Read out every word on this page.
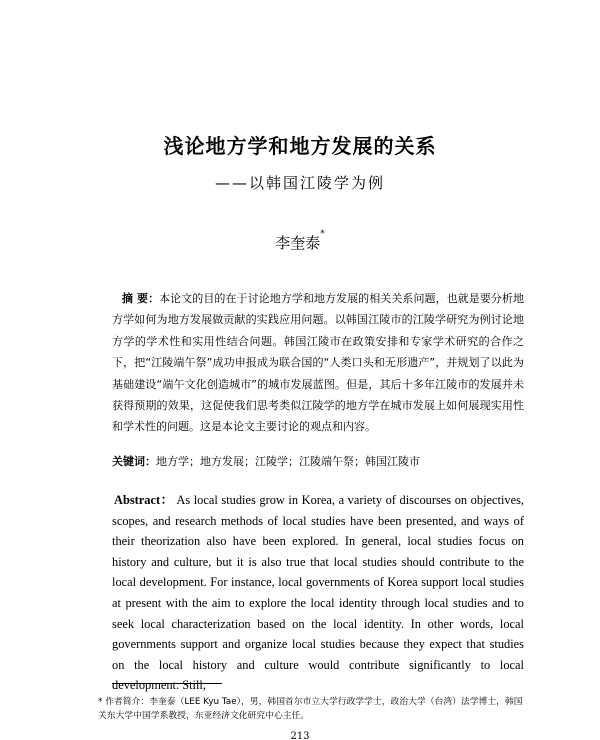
浅论地方学和地方发展的关系
——以韩国江陵学为例
李奎泰*

摘 要：本论文的目的在于讨论地方学和地方发展的相关关系问题，也就是要分析地方学如何为地方发展做贡献的实践应用问题。以韩国江陵市的江陵学研究为例讨论地方学的学术性和实用性结合问题。韩国江陵市在政策安排和专家学术研究的合作之下，把“江陵端午祭”成功申报成为联合国的“人类口头和无形遗产”，并规划了以此为基础建设“端午文化创造城市”的城市发展蓝图。但是，其后十多年江陵市的发展并未获得预期的效果，这促使我们思考类似江陵学的地方学在城市发展上如何展现实用性和学术性的问题。这是本论文主要讨论的观点和内容。

关键词：地方学；地方发展；江陵学；江陵端午祭；韩国江陵市

Abstract： As local studies grow in Korea, a variety of discourses on objectives, scopes, and research methods of local studies have been presented, and ways of their theorization also have been explored. In general, local studies focus on history and culture, but it is also true that local studies should contribute to the local development. For instance, local governments of Korea support local studies at present with the aim to explore the local identity through local studies and to seek local characterization based on the local identity. In other words, local governments support and organize local studies because they expect that studies on the local history and culture would contribute significantly to local development. Still,

* 作者简介：李奎泰（LEE Kyu Tae），男，韩国首尔市立大学行政学学士，政治大学（台湾）法学博士，韩国关东大学中国学系教授，东亚经济文化研究中心主任。
213
